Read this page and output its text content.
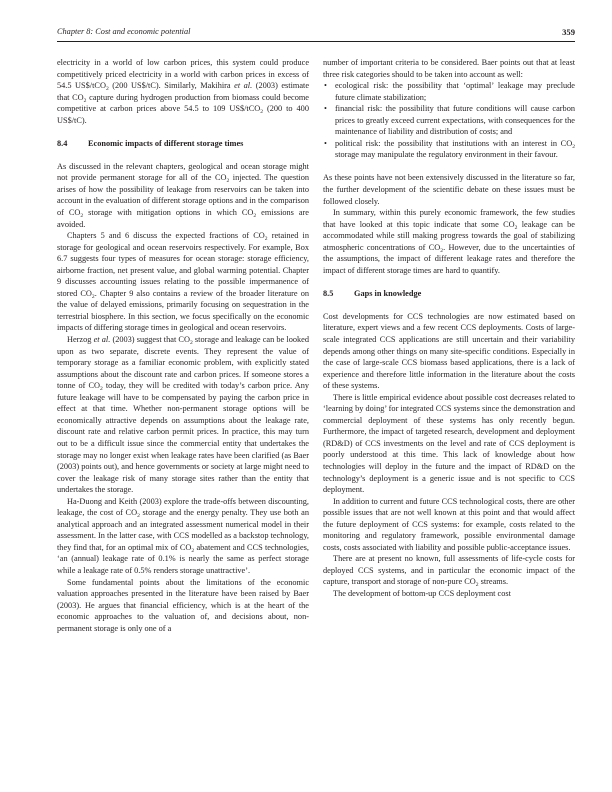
Chapter 8: Cost and economic potential	359

electricity in a world of low carbon prices, this system could produce competitively priced electricity in a world with carbon prices in excess of 54.5 US$/tCO$_2$ (200 US$/tC). Similarly, Makihira et al. (2003) estimate that $CO_2$ capture during hydrogen production from biomass could become competitive at carbon prices above 54.5 to 109 US$/tCO$_2$ (200 to 400 US$/tC).

8.4 Economic impacts of different storage times

As discussed in the relevant chapters, geological and ocean storage might not provide permanent storage for all of the $CO_2$ injected. The question arises of how the possibility of leakage from reservoirs can be taken into account in the evaluation of different storage options and in the comparison of $CO_2$ storage with mitigation options in which $CO_2$ emissions are avoided.

Chapters 5 and 6 discuss the expected fractions of $CO_2$ retained in storage for geological and ocean reservoirs respectively. For example, Box 6.7 suggests four types of measures for ocean storage: storage efficiency, airborne fraction, net present value, and global warming potential. Chapter 9 discusses accounting issues relating to the possible impermanence of stored $CO_2$. Chapter 9 also contains a review of the broader literature on the value of delayed emissions, primarily focusing on sequestration in the terrestrial biosphere. In this section, we focus specifically on the economic impacts of differing storage times in geological and ocean reservoirs.

Herzog et al. (2003) suggest that $CO_2$ storage and leakage can be looked upon as two separate, discrete events. They represent the value of temporary storage as a familiar economic problem, with explicitly stated assumptions about the discount rate and carbon prices. If someone stores a tonne of $CO_2$ today, they will be credited with today’s carbon price. Any future leakage will have to be compensated by paying the carbon price in effect at that time. Whether non-permanent storage options will be economically attractive depends on assumptions about the leakage rate, discount rate and relative carbon permit prices. In practice, this may turn out to be a difficult issue since the commercial entity that undertakes the storage may no longer exist when leakage rates have been clarified (as Baer (2003) points out), and hence governments or society at large might need to cover the leakage risk of many storage sites rather than the entity that undertakes the storage.

Ha-Duong and Keith (2003) explore the trade-offs between discounting, leakage, the cost of $CO_2$ storage and the energy penalty. They use both an analytical approach and an integrated assessment numerical model in their assessment. In the latter case, with CCS modelled as a backstop technology, they find that, for an optimal mix of $CO_2$ abatement and CCS technologies, ‘an (annual) leakage rate of 0.1% is nearly the same as perfect storage while a leakage rate of 0.5% renders storage unattractive’.

Some fundamental points about the limitations of the economic valuation approaches presented in the literature have been raised by Baer (2003). He argues that financial efficiency, which is at the heart of the economic approaches to the valuation of, and decisions about, non-permanent storage is only one of a

number of important criteria to be considered. Baer points out that at least three risk categories should to be taken into account as well:

• ecological risk: the possibility that ‘optimal’ leakage may preclude future climate stabilization;
• financial risk: the possibility that future conditions will cause carbon prices to greatly exceed current expectations, with consequences for the maintenance of liability and distribution of costs; and
• political risk: the possibility that institutions with an interest in $CO_2$ storage may manipulate the regulatory environment in their favour.

As these points have not been extensively discussed in the literature so far, the further development of the scientific debate on these issues must be followed closely.

In summary, within this purely economic framework, the few studies that have looked at this topic indicate that some $CO_2$ leakage can be accommodated while still making progress towards the goal of stabilizing atmospheric concentrations of $CO_2$. However, due to the uncertainties of the assumptions, the impact of different leakage rates and therefore the impact of different storage times are hard to quantify.

8.5 Gaps in knowledge

Cost developments for CCS technologies are now estimated based on literature, expert views and a few recent CCS deployments. Costs of large-scale integrated CCS applications are still uncertain and their variability depends among other things on many site-specific conditions. Especially in the case of large-scale CCS biomass based applications, there is a lack of experience and therefore little information in the literature about the costs of these systems.

There is little empirical evidence about possible cost decreases related to ‘learning by doing’ for integrated CCS systems since the demonstration and commercial deployment of these systems has only recently begun. Furthermore, the impact of targeted research, development and deployment (RD&D) of CCS investments on the level and rate of CCS deployment is poorly understood at this time. This lack of knowledge about how technologies will deploy in the future and the impact of RD&D on the technology’s deployment is a generic issue and is not specific to CCS deployment.

In addition to current and future CCS technological costs, there are other possible issues that are not well known at this point and that would affect the future deployment of CCS systems: for example, costs related to the monitoring and regulatory framework, possible environmental damage costs, costs associated with liability and possible public-acceptance issues.

There are at present no known, full assessments of life-cycle costs for deployed CCS systems, and in particular the economic impact of the capture, transport and storage of non-pure $CO_2$ streams.

The development of bottom-up CCS deployment cost
